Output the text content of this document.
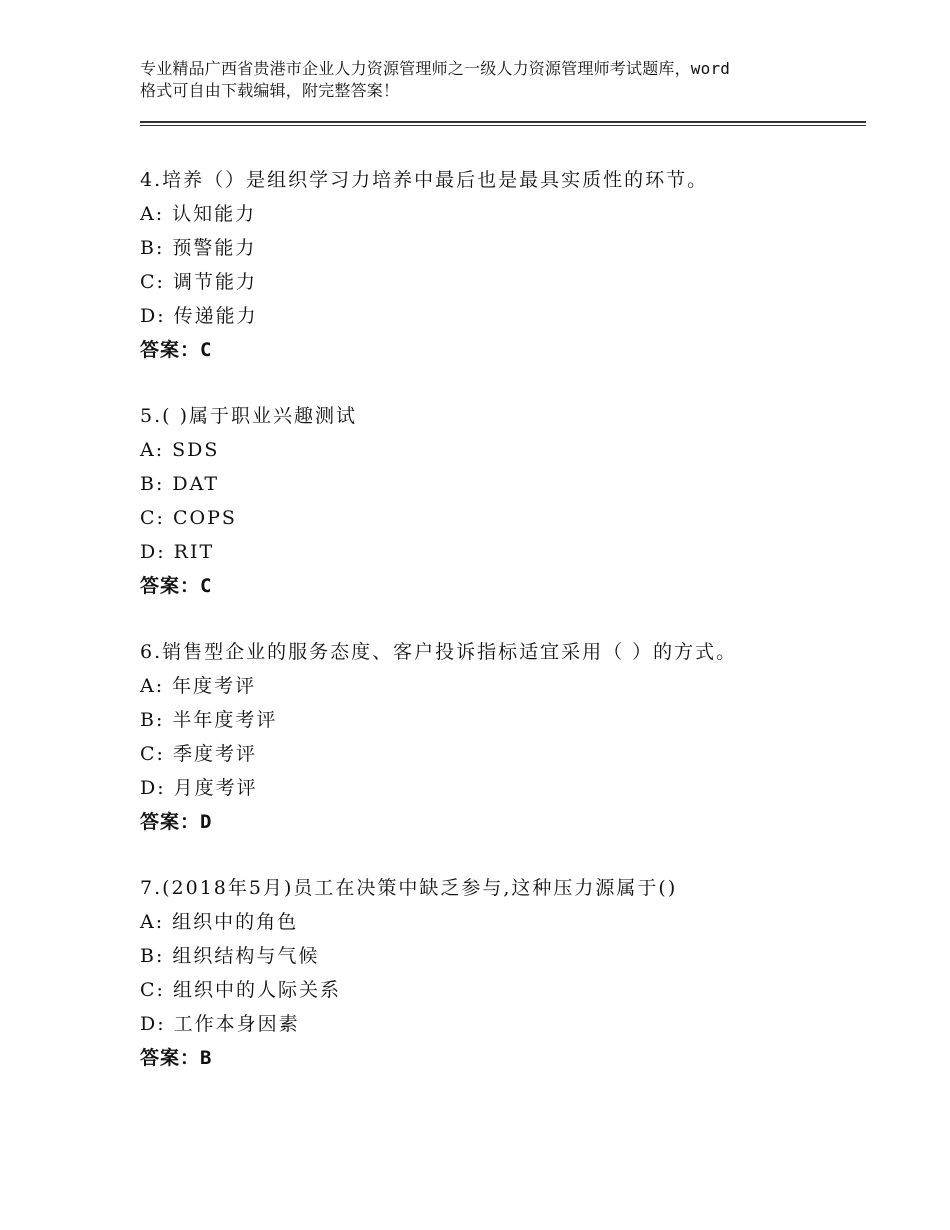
专业精品广西省贵港市企业人力资源管理师之一级人力资源管理师考试题库，word
格式可自由下载编辑，附完整答案！
4.培养（）是组织学习力培养中最后也是最具实质性的环节。
A: 认知能力
B: 预警能力
C: 调节能力
D: 传递能力
答案：C
5.( )属于职业兴趣测试
A: SDS
B: DAT
C: COPS
D: RIT
答案：C
6.销售型企业的服务态度、客户投诉指标适宜采用（ ）的方式。
A: 年度考评
B: 半年度考评
C: 季度考评
D: 月度考评
答案：D
7.(2018年5月)员工在决策中缺乏参与,这种压力源属于()
A: 组织中的角色
B: 组织结构与气候
C: 组织中的人际关系
D: 工作本身因素
答案：B
